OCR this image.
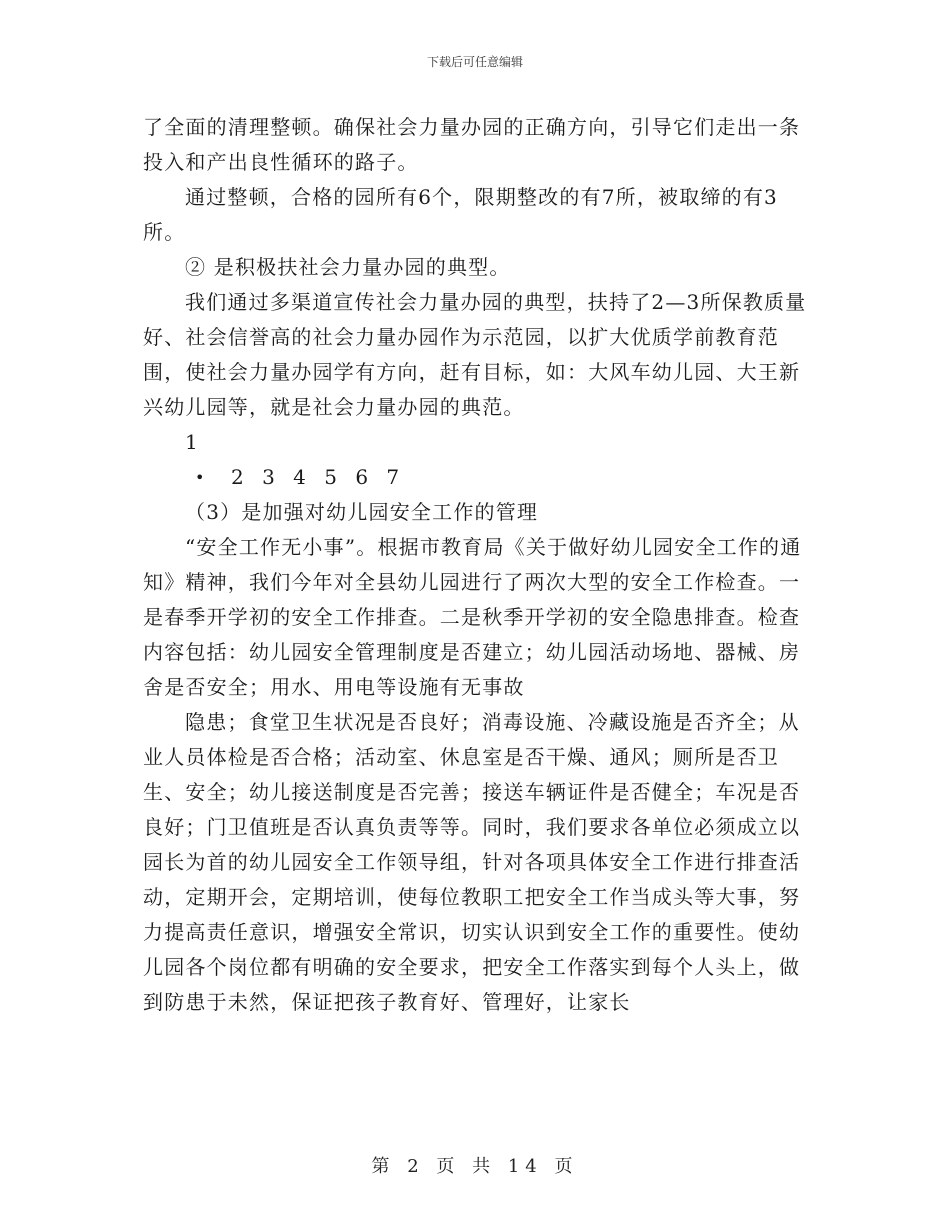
下载后可任意编辑

了全面的清理整顿。确保社会力量办园的正确方向，引导它们走出一条投入和产出良性循环的路子。

通过整顿，合格的园所有6个，限期整改的有7所，被取缔的有3所。

② 是积极扶社会力量办园的典型。

我们通过多渠道宣传社会力量办园的典型，扶持了2—3所保教质量好、社会信誉高的社会力量办园作为示范园，以扩大优质学前教育范围，使社会力量办园学有方向，赶有目标，如：大风车幼儿园、大王新兴幼儿园等，就是社会力量办园的典范。

1

•	2 3 4 5 6 7

（3）是加强对幼儿园安全工作的管理

“安全工作无小事”。根据市教育局《关于做好幼儿园安全工作的通知》精神，我们今年对全县幼儿园进行了两次大型的安全工作检查。一是春季开学初的安全工作排查。二是秋季开学初的安全隐患排查。检查内容包括：幼儿园安全管理制度是否建立；幼儿园活动场地、器械、房舍是否安全；用水、用电等设施有无事故

隐患；食堂卫生状况是否良好；消毒设施、冷藏设施是否齐全；从业人员体检是否合格；活动室、休息室是否干燥、通风；厕所是否卫生、安全；幼儿接送制度是否完善；接送车辆证件是否健全；车况是否良好；门卫值班是否认真负责等等。同时，我们要求各单位必须成立以园长为首的幼儿园安全工作领导组，针对各项具体安全工作进行排查活动，定期开会，定期培训，使每位教职工把安全工作当成头等大事，努力提高责任意识，增强安全常识，切实认识到安全工作的重要性。使幼儿园各个岗位都有明确的安全要求，把安全工作落实到每个人头上，做到防患于未然，保证把孩子教育好、管理好，让家长

第 2 页 共 14 页
